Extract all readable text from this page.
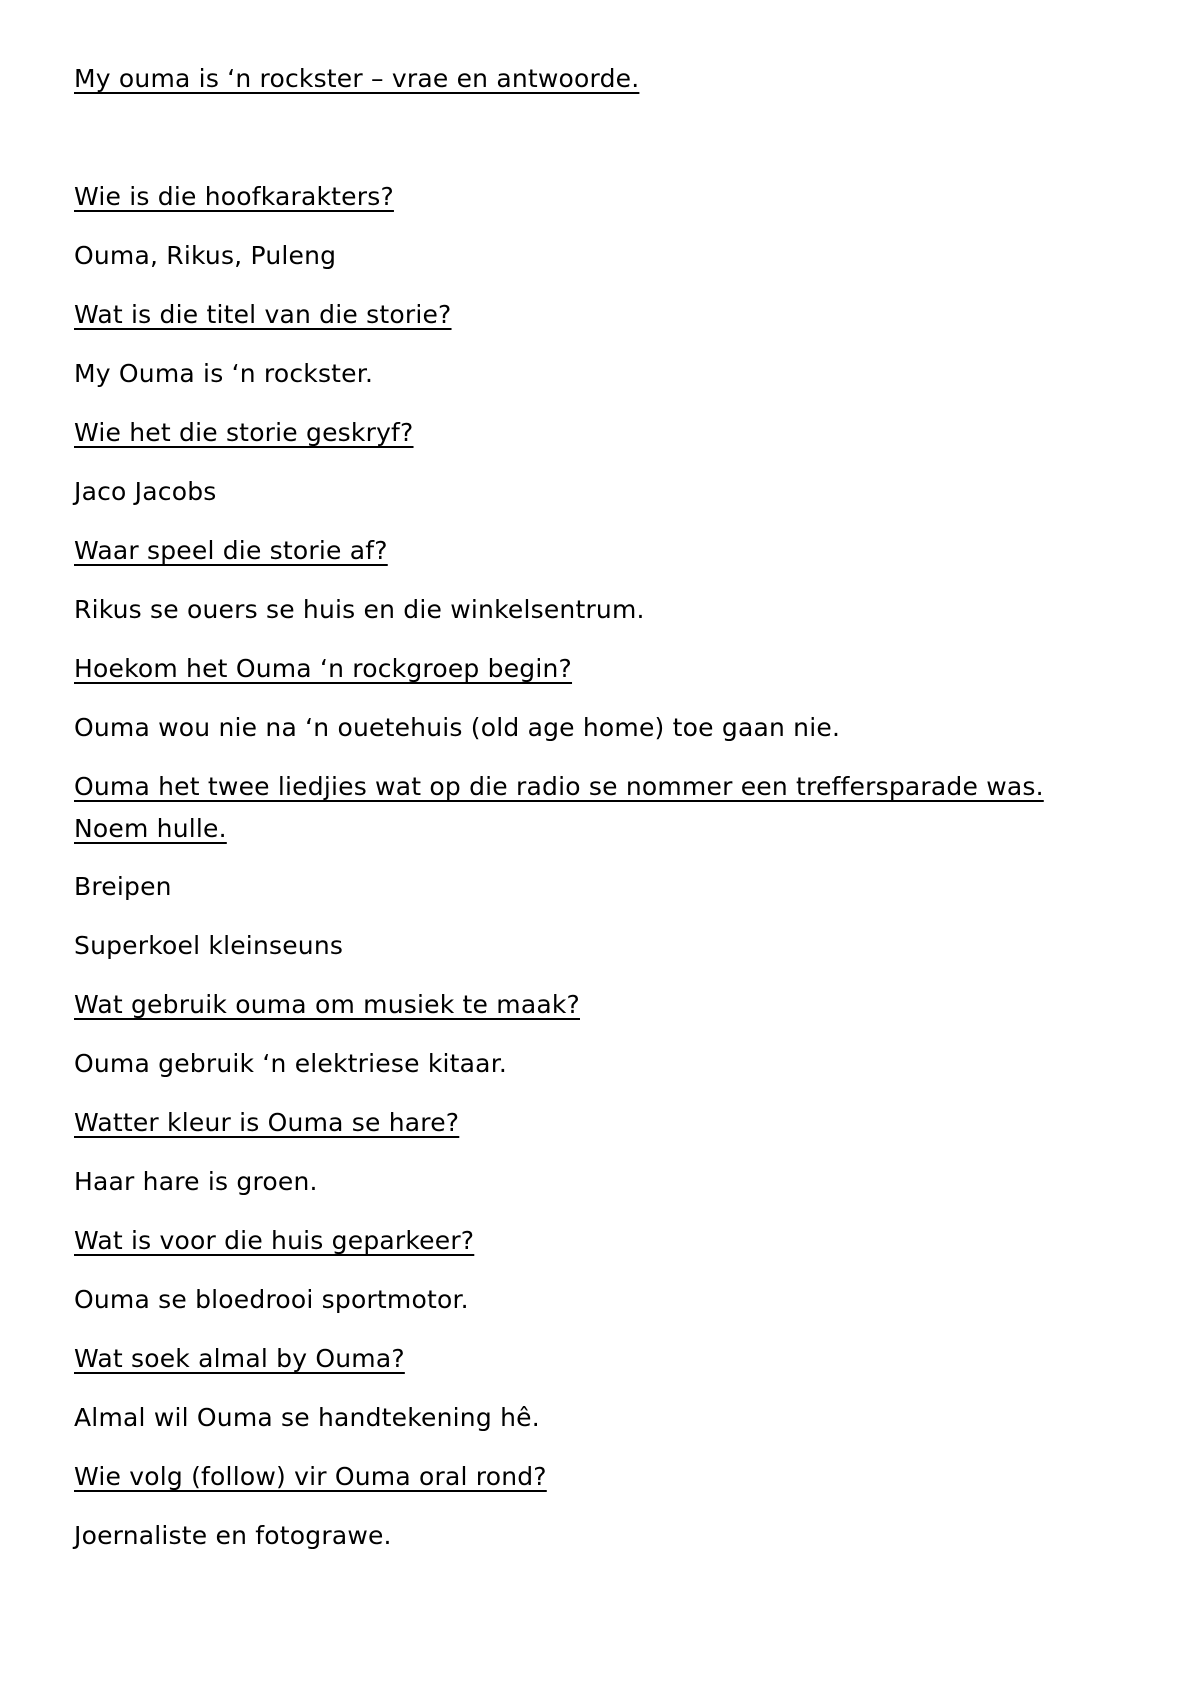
My ouma is ‘n rockster – vrae en antwoorde.

Wie is die hoofkarakters?

Ouma, Rikus, Puleng

Wat is die titel van die storie?

My Ouma is ‘n rockster.

Wie het die storie geskryf?

Jaco Jacobs

Waar speel die storie af?

Rikus se ouers se huis en die winkelsentrum.

Hoekom het Ouma ‘n rockgroep begin?

Ouma wou nie na ‘n ouetehuis (old age home) toe gaan nie.

Ouma het twee liedjies wat op die radio se nommer een treffersparade was.

Noem hulle.

Breipen

Superkoel kleinseuns

Wat gebruik ouma om musiek te maak?

Ouma gebruik ‘n elektriese kitaar.

Watter kleur is Ouma se hare?

Haar hare is groen.

Wat is voor die huis geparkeer?

Ouma se bloedrooi sportmotor.

Wat soek almal by Ouma?

Almal wil Ouma se handtekening hê.

Wie volg (follow) vir Ouma oral rond?

Joernaliste en fotograwe.
